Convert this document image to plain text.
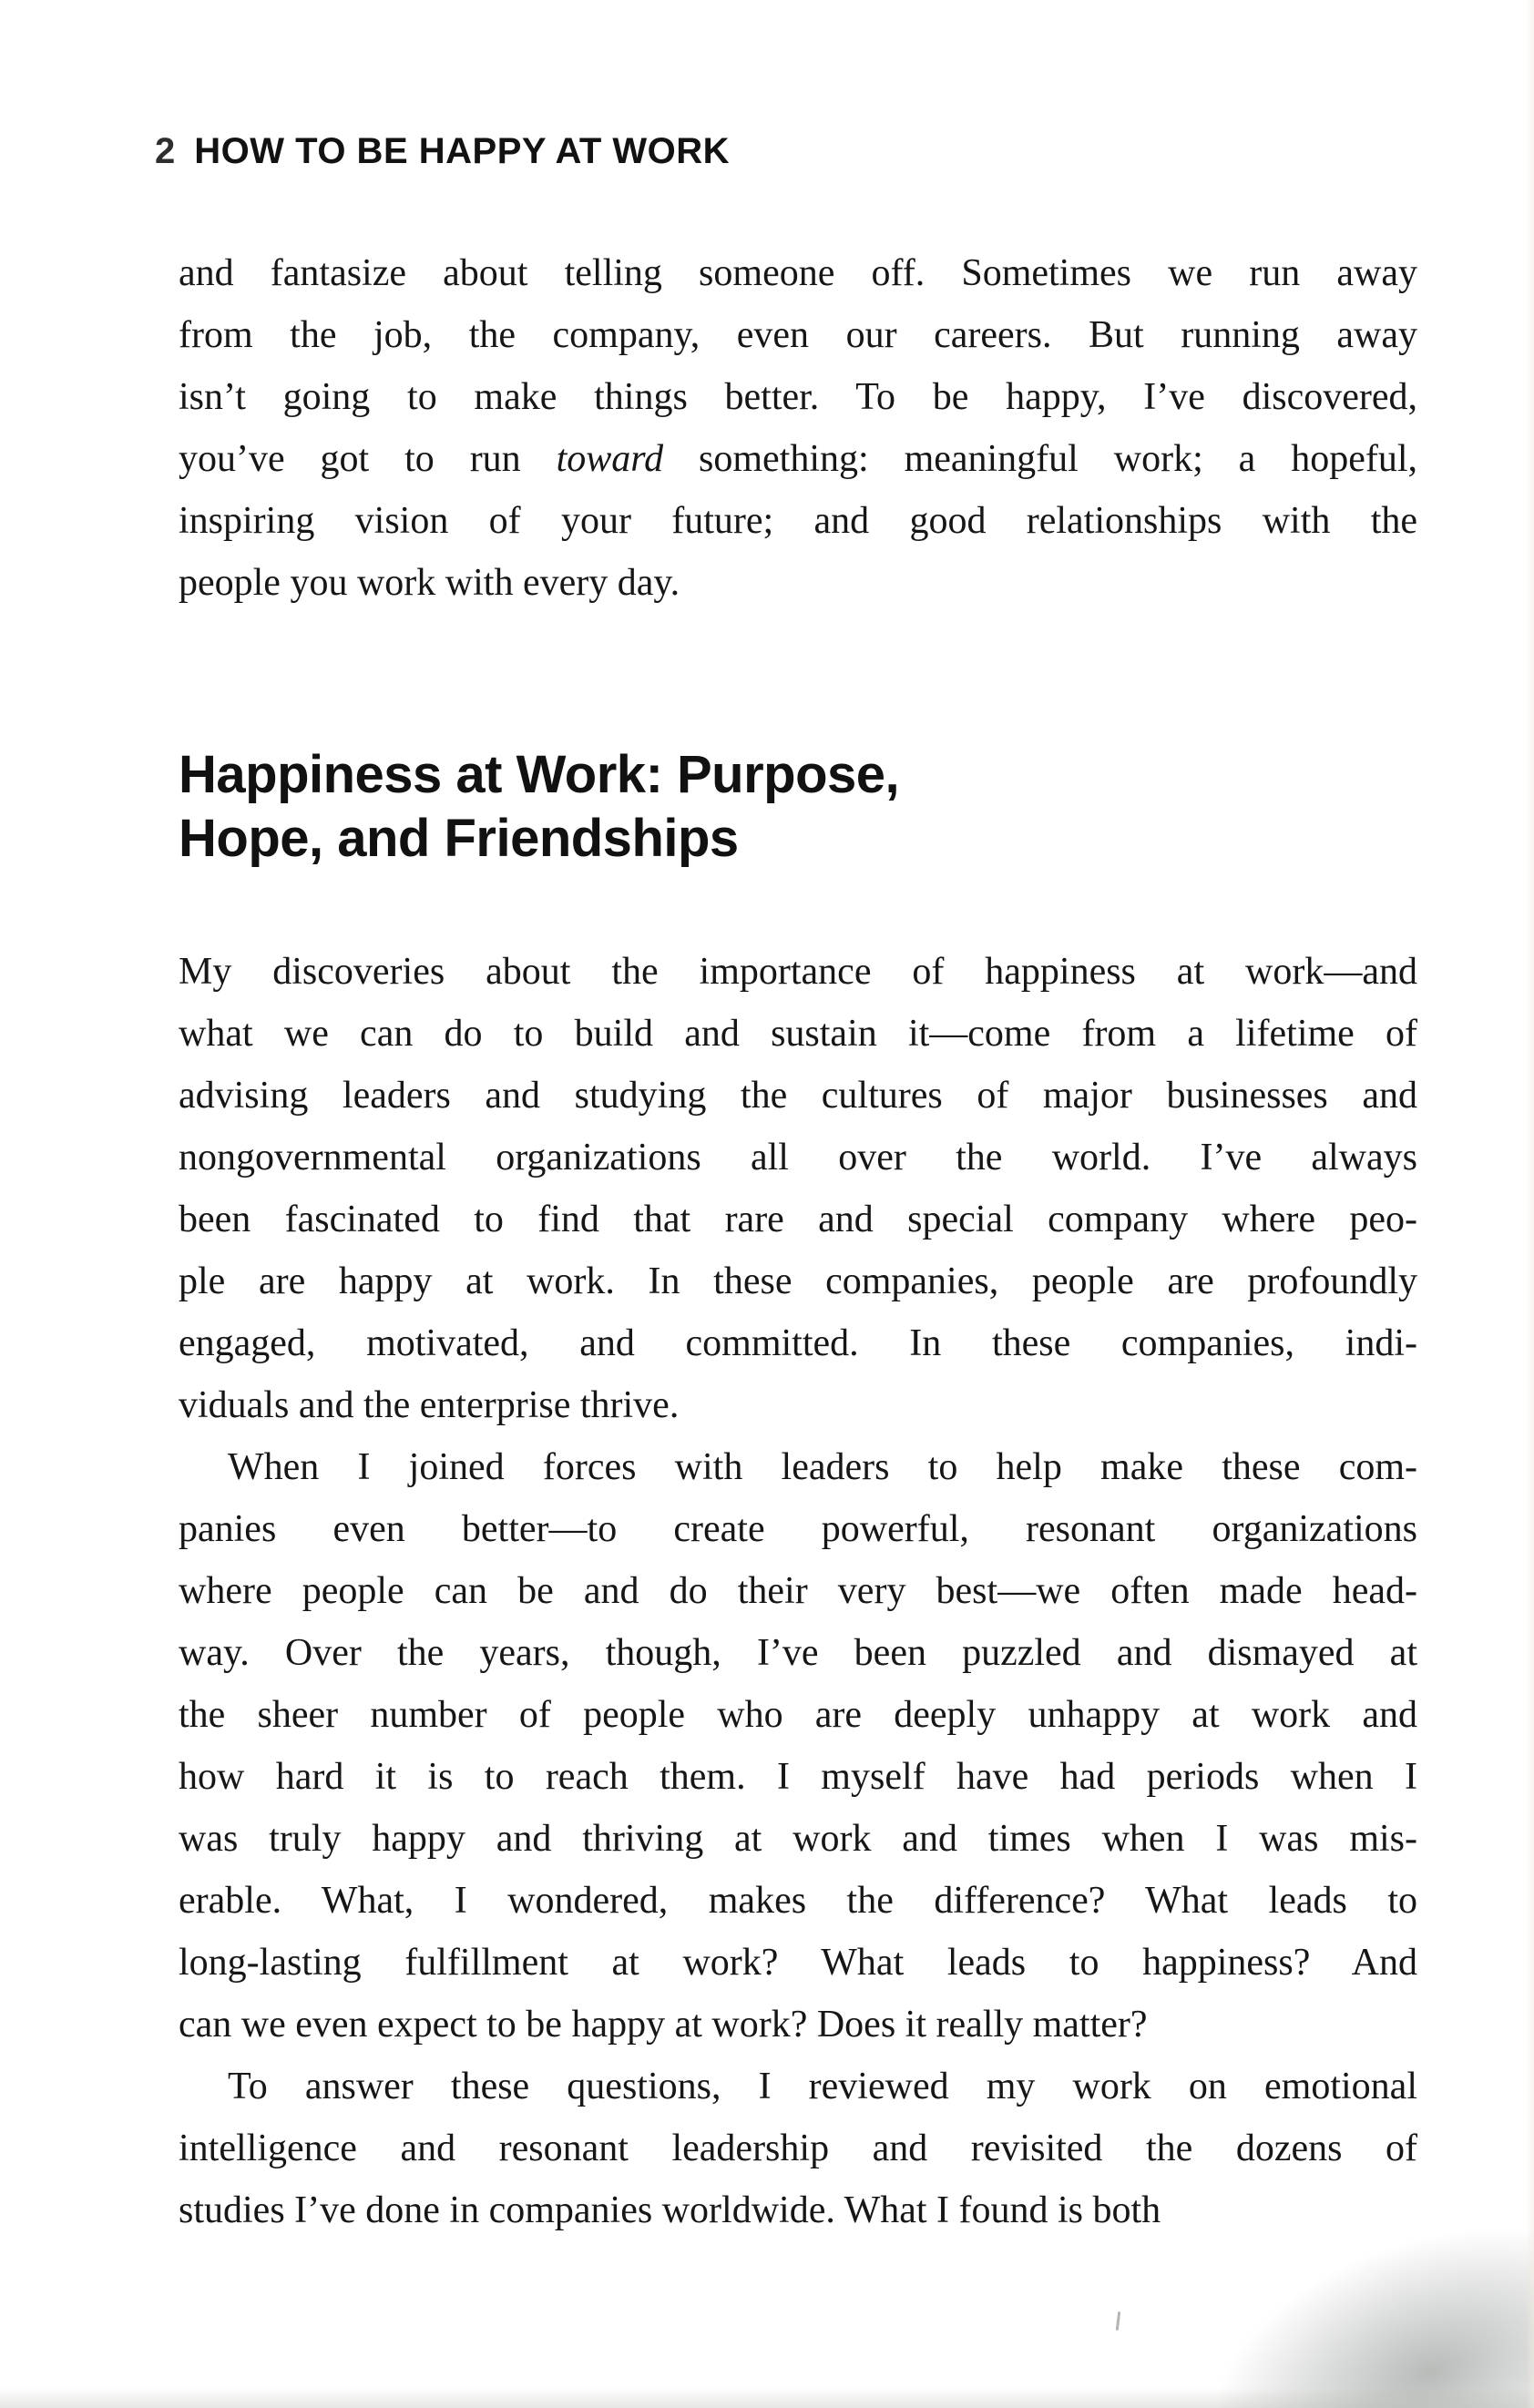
2 HOW TO BE HAPPY AT WORK
and fantasize about telling someone off. Sometimes we run away
from the job, the company, even our careers. But running away
isn’t going to make things better. To be happy, I’ve discovered,
you’ve got to run toward something: meaningful work; a hopeful,
inspiring vision of your future; and good relationships with the
people you work with every day.
Happiness at Work: Purpose,
Hope, and Friendships
My discoveries about the importance of happiness at work—and
what we can do to build and sustain it—come from a lifetime of
advising leaders and studying the cultures of major businesses and
nongovernmental organizations all over the world. I’ve always
been fascinated to find that rare and special company where peo-
ple are happy at work. In these companies, people are profoundly
engaged, motivated, and committed. In these companies, indi-
viduals and the enterprise thrive.
When I joined forces with leaders to help make these com-
panies even better—to create powerful, resonant organizations
where people can be and do their very best—we often made head-
way. Over the years, though, I’ve been puzzled and dismayed at
the sheer number of people who are deeply unhappy at work and
how hard it is to reach them. I myself have had periods when I
was truly happy and thriving at work and times when I was mis-
erable. What, I wondered, makes the difference? What leads to
long-lasting fulfillment at work? What leads to happiness? And
can we even expect to be happy at work? Does it really matter?
To answer these questions, I reviewed my work on emotional
intelligence and resonant leadership and revisited the dozens of
studies I’ve done in companies worldwide. What I found is both
